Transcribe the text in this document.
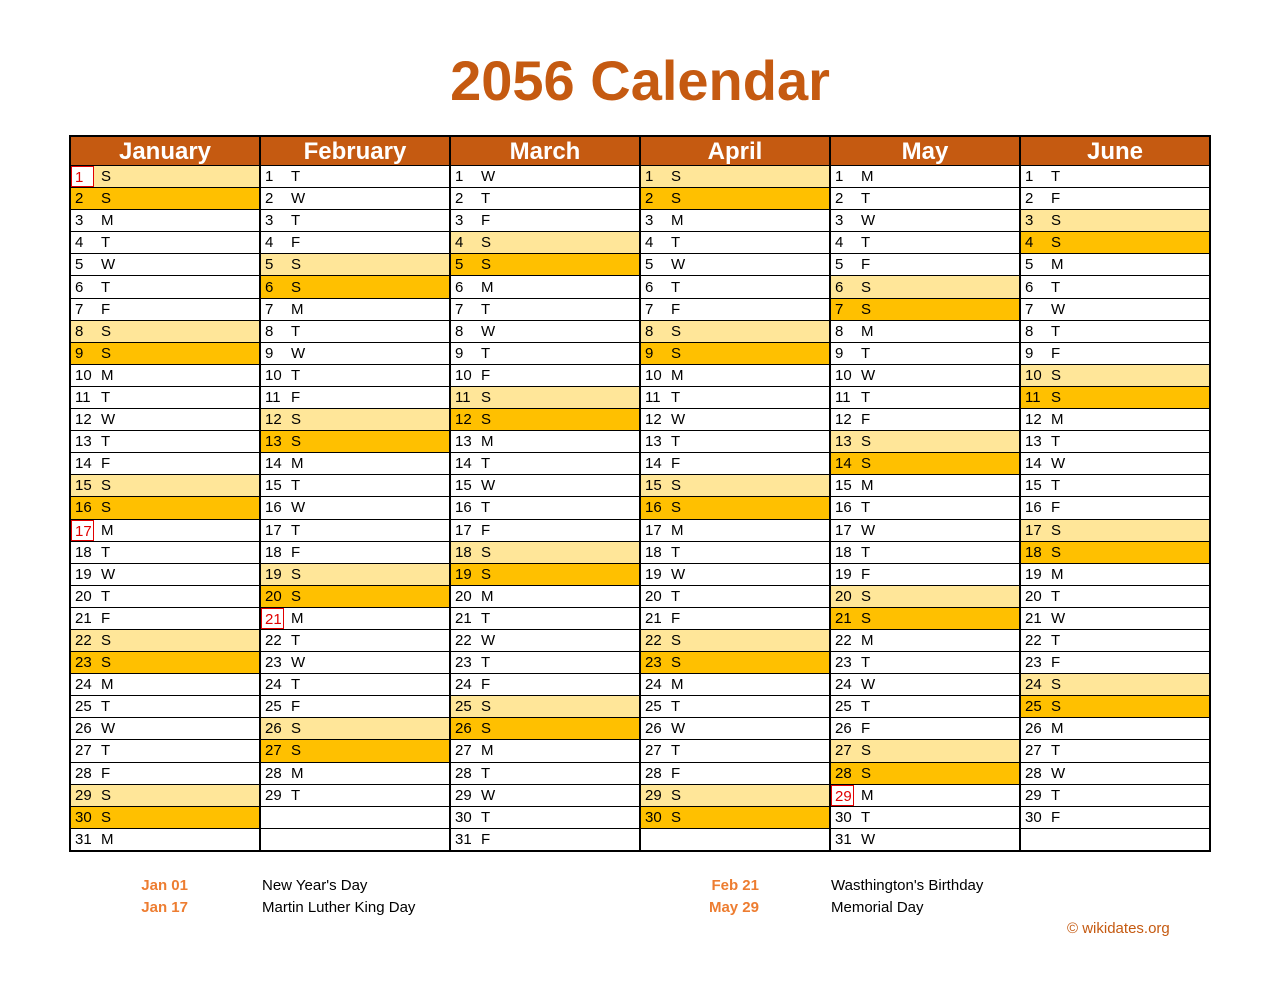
2056 Calendar
January
1	S
2	S
3	M
4	T
5	W
6	T
7	F
8	S
9	S
10 M
11 T
12 W
13 T
14 F
15 S
16 S
17 M
18 T
19 W
20 T
21 F
22 S
23 S
24 M
25 T
26 W
27 T
28 F
29 S
30 S
31 M
February
1	T
2	W
3	T
4	F
5	S
6	S
7	M
8	T
9	W
10 T
11 F
12 S
13 S
14 M
15 T
16 W
17 T
18 F
19 S
20 S
21 M
22 T
23 W
24 T
25 F
26 S
27 S
28 M
29 T
March
1	W
2	T
3	F
4	S
5	S
6	M
7	T
8	W
9	T
10 F
11 S
12 S
13 M
14 T
15 W
16 T
17 F
18 S
19 S
20 M
21 T
22 W
23 T
24 F
25 S
26 S
27 M
28 T
29 W
30 T
31 F
April
1	S
2	S
3	M
4	T
5	W
6	T
7	F
8	S
9	S
10 M
11 T
12 W
13 T
14 F
15 S
16 S
17 M
18 T
19 W
20 T
21 F
22 S
23 S
24 M
25 T
26 W
27 T
28 F
29 S
30 S
May
1	M
2	T
3	W
4	T
5	F
6	S
7	S
8	M
9	T
10 W
11 T
12 F
13 S
14 S
15 M
16 T
17 W
18 T
19 F
20 S
21 S
22 M
23 T
24 W
25 T
26 F
27 S
28 S
29 M
30 T
31 W
June
1	T
2	F
3	S
4	S
5	M
6	T
7	W
8	T
9	F
10 S
11 S
12 M
13 T
14 W
15 T
16 F
17 S
18 S
19 M
20 T
21 W
22 T
23 F
24 S
25 S
26 M
27 T
28 W
29 T
30 F
Jan 01	New Year's Day
Jan 17	Martin Luther King Day
Feb 21	Wasthington's Birthday
May 29	Memorial Day
© wikidates.org
